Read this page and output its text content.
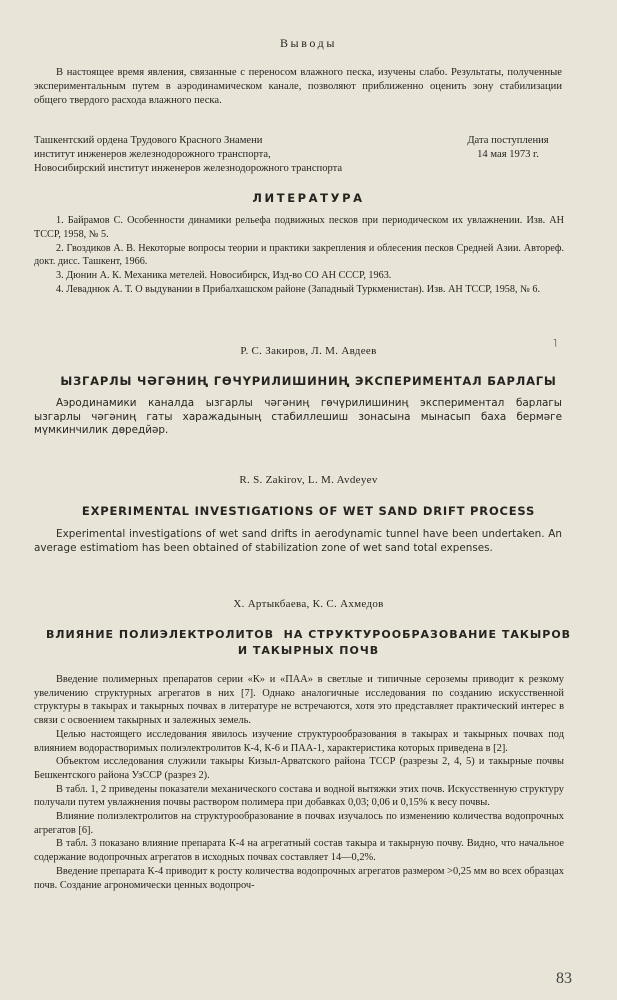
Выводы

В настоящее время явления, связанные с переносом влажного песка, изучены слабо. Результаты, полученные экспериментальным путем в аэродинамическом канале, позволяют приближенно оценить зону стабилизации общего твердого расхода влажного песка.

Ташкентский ордена Трудового Красного Знамени
институт инженеров железнодорожного транспорта,
Новосибирский институт инженеров железнодорожного транспорта
Дата поступления
14 мая 1973 г.
ЛИТЕРАТУРА

1. Байрамов С. Особенности динамики рельефа подвижных песков при периодическом их увлажнении. Изв. АН ТССР, 1958, № 5.

2. Гвоздиков А. В. Некоторые вопросы теории и практики закрепления и облесения песков Средней Азии. Автореф. докт. дисс. Ташкент, 1966.

3. Дюнин А. К. Механика метелей. Новосибирск, Изд-во СО АН СССР, 1963.

4. Леваднюк А. Т. О выдувании в Прибалхашском районе (Западный Туркменистан). Изв. АН ТССР, 1958, № 6.

Р. С. Закиров, Л. М. Авдеев
˥
ЫЗГАРЛЫ ЧӘГӘНИҢ ГӨЧҮРИЛИШИНИҢ ЭКСПЕРИМЕНТАЛ БАРЛАГЫ

Аэродинамики каналда ызгарлы чәгәниң гөчүрилишиниң экспериментал барлагы ызгарлы чәгәниң гаты харажадының стабиллешиш зонасына мынасып баха бермәге мүмкинчилик дөредйәр.

R. S. Zakirov, L. M. Avdeyev
EXPERIMENTAL INVESTIGATIONS OF WET SAND DRIFT PROCESS

Experimental investigations of wet sand drifts in aerodynamic tunnel have been undertaken. An average estimatiom has been obtained of stabilization zone of wet sand total expenses.

Х. Артыкбаева, К. С. Ахмедов
ВЛИЯНИЕ ПОЛИЭЛЕКТРОЛИТОВ  НА СТРУКТУРООБРАЗОВАНИЕ ТАКЫРОВ
И ТАКЫРНЫХ ПОЧВ

Введение полимерных препаратов серии «К» и «ПАА» в светлые и типичные сероземы приводит к резкому увеличению структурных агрегатов в них [7]. Однако аналогичные исследования по созданию искусственной структуры в такырах и такырных почвах в литературе не встречаются, хотя это представляет практический интерес в связи с освоением такырных и залежных земель.

Целью настоящего исследования явилось изучение структурообразования в такырах и такырных почвах под влиянием водорастворимых полиэлектролитов К-4, К-6 и ПАА-1, характеристика которых приведена в [2].

Объектом исследования служили такыры Кизыл-Арватского района ТССР (разрезы 2, 4, 5) и такырные почвы Бешкентского района УзССР (разрез 2).

В табл. 1, 2 приведены показатели механического состава и водной вытяжки этих почв. Искусственную структуру получали путем увлажнения почвы раствором полимера при добавках 0,03; 0,06 и 0,15% к весу почвы.

Влияние полиэлектролитов на структурообразование в почвах изучалось по изменению количества водопрочных агрегатов [6].

В табл. 3 показано влияние препарата К-4 на агрегатный состав такыра и такырную почву. Видно, что начальное содержание водопрочных агрегатов в исходных почвах составляет 14—0,2%.

Введение препарата К-4 приводит к росту количества водопрочных агрегатов размером >0,25 мм во всех образцах почв. Создание агрономически ценных водопроч-

83
